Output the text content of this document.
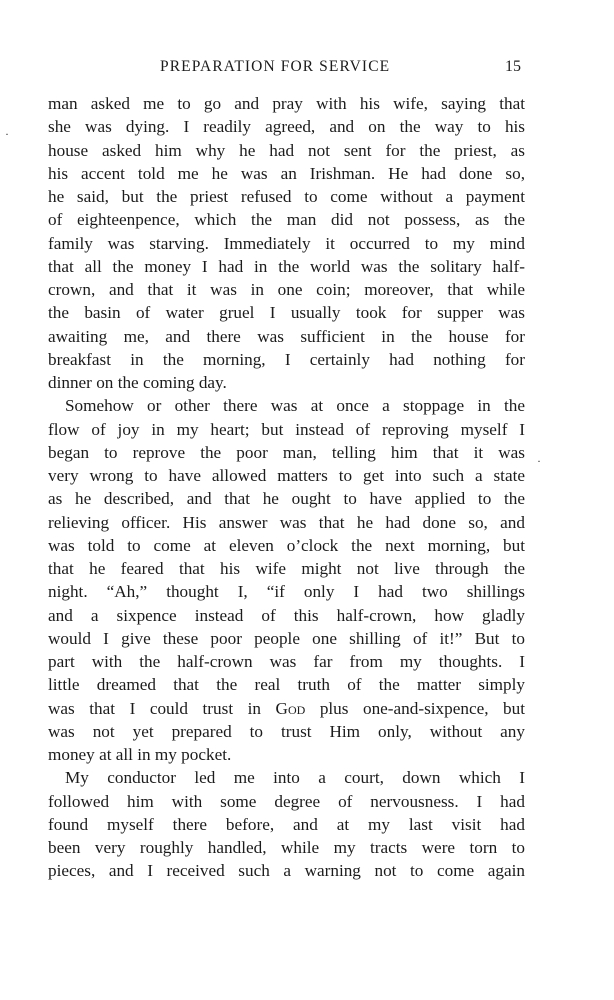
PREPARATION FOR SERVICE	15
·
·
man asked me to go and pray with his wife, saying that
she was dying. I readily agreed, and on the way to his
house asked him why he had not sent for the priest, as
his accent told me he was an Irishman. He had done so,
he said, but the priest refused to come without a payment
of eighteenpence, which the man did not possess, as the
family was starving. Immediately it occurred to my mind
that all the money I had in the world was the solitary half-
crown, and that it was in one coin; moreover, that while
the basin of water gruel I usually took for supper was
awaiting me, and there was sufficient in the house for
breakfast in the morning, I certainly had nothing for
dinner on the coming day.
Somehow or other there was at once a stoppage in the
flow of joy in my heart; but instead of reproving myself I
began to reprove the poor man, telling him that it was
very wrong to have allowed matters to get into such a state
as he described, and that he ought to have applied to the
relieving officer. His answer was that he had done so, and
was told to come at eleven o’clock the next morning, but
that he feared that his wife might not live through the
night. “Ah,” thought I, “if only I had two shillings
and a sixpence instead of this half-crown, how gladly
would I give these poor people one shilling of it!” But to
part with the half-crown was far from my thoughts. I
little dreamed that the real truth of the matter simply
was that I could trust in God plus one-and-sixpence, but
was not yet prepared to trust Him only, without any
money at all in my pocket.
My conductor led me into a court, down which I
followed him with some degree of nervousness. I had
found myself there before, and at my last visit had
been very roughly handled, while my tracts were torn to
pieces, and I received such a warning not to come again
